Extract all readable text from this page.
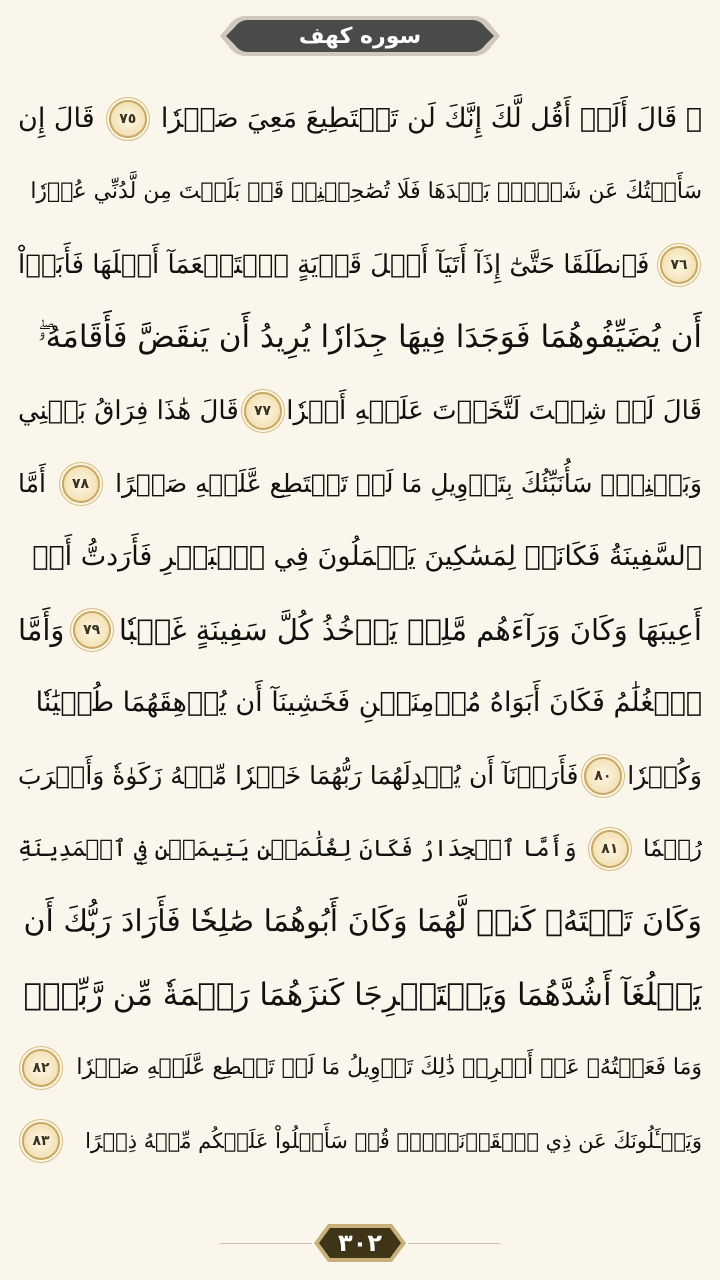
سوره كهف
۞ قَالَ أَلَمۡ أَقُل لَّكَ إِنَّكَ لَن تَسۡتَطِيعَ مَعِيَ صَبۡرٗا
٧٥
قَالَ إِن
سَأَلۡتُكَ عَن شَيۡءِۭ بَعۡدَهَا فَلَا تُصَٰحِبۡنِيۖ قَدۡ بَلَغۡتَ مِن لَّدُنِّي عُذۡرٗا
٧٦
فَٱنطَلَقَا حَتَّىٰٓ إِذَآ أَتَيَآ أَهۡلَ قَرۡيَةٍ ٱسۡتَطۡعَمَآ أَهۡلَهَا فَأَبَوۡاْ
أَن يُضَيِّفُوهُمَا فَوَجَدَا فِيهَا جِدَارٗا يُرِيدُ أَن يَنقَضَّ فَأَقَامَهُۥۖ
قَالَ لَوۡ شِئۡتَ لَتَّخَذۡتَ عَلَيۡهِ أَجۡرٗا
٧٧
قَالَ هَٰذَا فِرَاقُ بَيۡنِي
وَبَيۡنِكَۚ سَأُنَبِّئُكَ بِتَأۡوِيلِ مَا لَمۡ تَسۡتَطِع عَّلَيۡهِ صَبۡرًا
٧٨
أَمَّا
ٱلسَّفِينَةُ فَكَانَتۡ لِمَسَٰكِينَ يَعۡمَلُونَ فِي ٱلۡبَحۡرِ فَأَرَدتُّ أَنۡ
أَعِيبَهَا وَكَانَ وَرَآءَهُم مَّلِكٞ يَأۡخُذُ كُلَّ سَفِينَةٍ غَصۡبٗا
٧٩
وَأَمَّا
ٱلۡغُلَٰمُ فَكَانَ أَبَوَاهُ مُؤۡمِنَيۡنِ فَخَشِينَآ أَن يُرۡهِقَهُمَا طُغۡيَٰنٗا
وَكُفۡرٗا
٨٠
فَأَرَدۡنَآ أَن يُبۡدِلَهُمَا رَبُّهُمَا خَيۡرٗا مِّنۡهُ زَكَوٰةٗ وَأَقۡرَبَ
رُحۡمٗا
٨١
وَأَمَّا ٱلۡجِدَارُ فَكَانَ لِغُلَٰمَيۡنِ يَتِيمَيۡنِ فِي ٱلۡمَدِينَةِ
وَكَانَ تَحۡتَهُۥ كَنزٞ لَّهُمَا وَكَانَ أَبُوهُمَا صَٰلِحٗا فَأَرَادَ رَبُّكَ أَن
يَبۡلُغَآ أَشُدَّهُمَا وَيَسۡتَخۡرِجَا كَنزَهُمَا رَحۡمَةٗ مِّن رَّبِّكَۚ
وَمَا فَعَلۡتُهُۥ عَنۡ أَمۡرِيۚ ذَٰلِكَ تَأۡوِيلُ مَا لَمۡ تَسۡطِع عَّلَيۡهِ صَبۡرٗا
٨٢
وَيَسۡـَٔلُونَكَ عَن ذِي ٱلۡقَرۡنَيۡنِۖ قُلۡ سَأَتۡلُواْ عَلَيۡكُم مِّنۡهُ ذِكۡرًا
٨٣
٣٠٢
